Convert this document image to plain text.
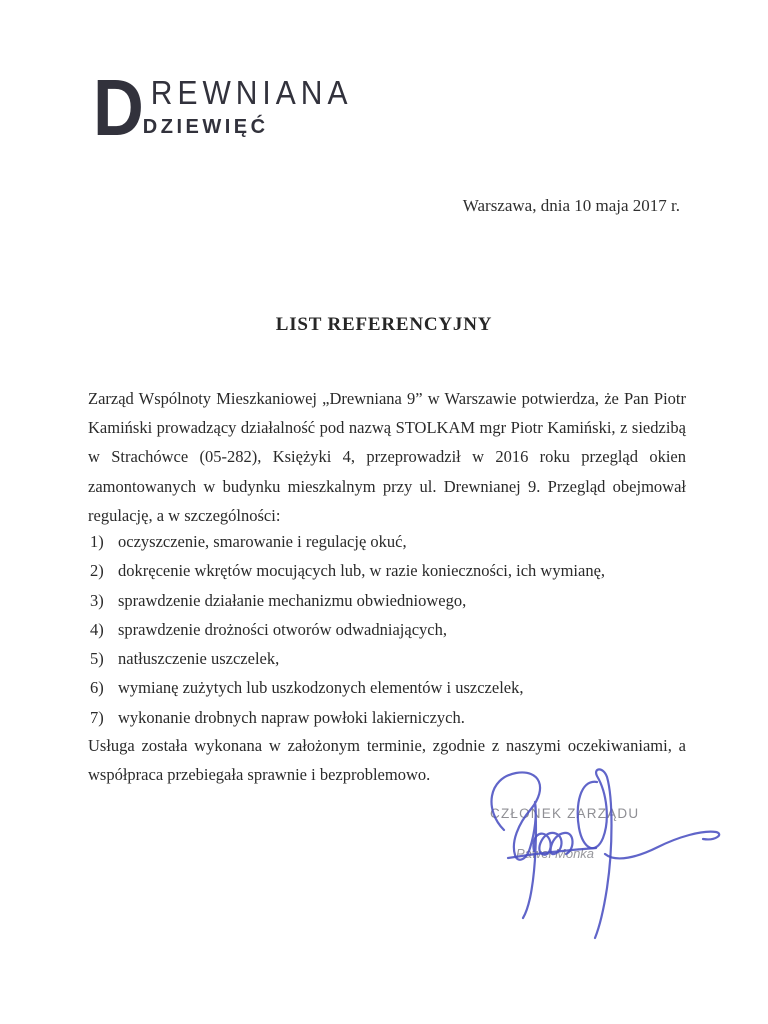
D REWNIANA
DZIEWIĘĆ
Warszawa, dnia 10 maja 2017 r.
LIST REFERENCYJNY

Zarząd Wspólnoty Mieszkaniowej „Drewniana 9” w Warszawie potwierdza, że Pan Piotr Kamiński prowadzący działalność pod nazwą STOLKAM mgr Piotr Kamiński, z siedzibą w Strachówce (05-282), Księżyki 4, przeprowadził w 2016 roku przegląd okien zamontowanych w budynku mieszkalnym przy ul. Drewnianej 9. Przegląd obejmował regulację, a w szczególności:

1) oczyszczenie, smarowanie i regulację okuć,
2) dokręcenie wkrętów mocujących lub, w razie konieczności, ich wymianę,
3) sprawdzenie działanie mechanizmu obwiedniowego,
4) sprawdzenie drożności otworów odwadniających,
5) natłuszczenie uszczelek,
6) wymianę zużytych lub uszkodzonych elementów i uszczelek,
7) wykonanie drobnych napraw powłoki lakierniczych.

Usługa została wykonana w założonym terminie, zgodnie z naszymi oczekiwaniami, a współpraca przebiegała sprawnie i bezproblemowo.

CZŁONEK ZARZĄDU
Paweł Mońka
